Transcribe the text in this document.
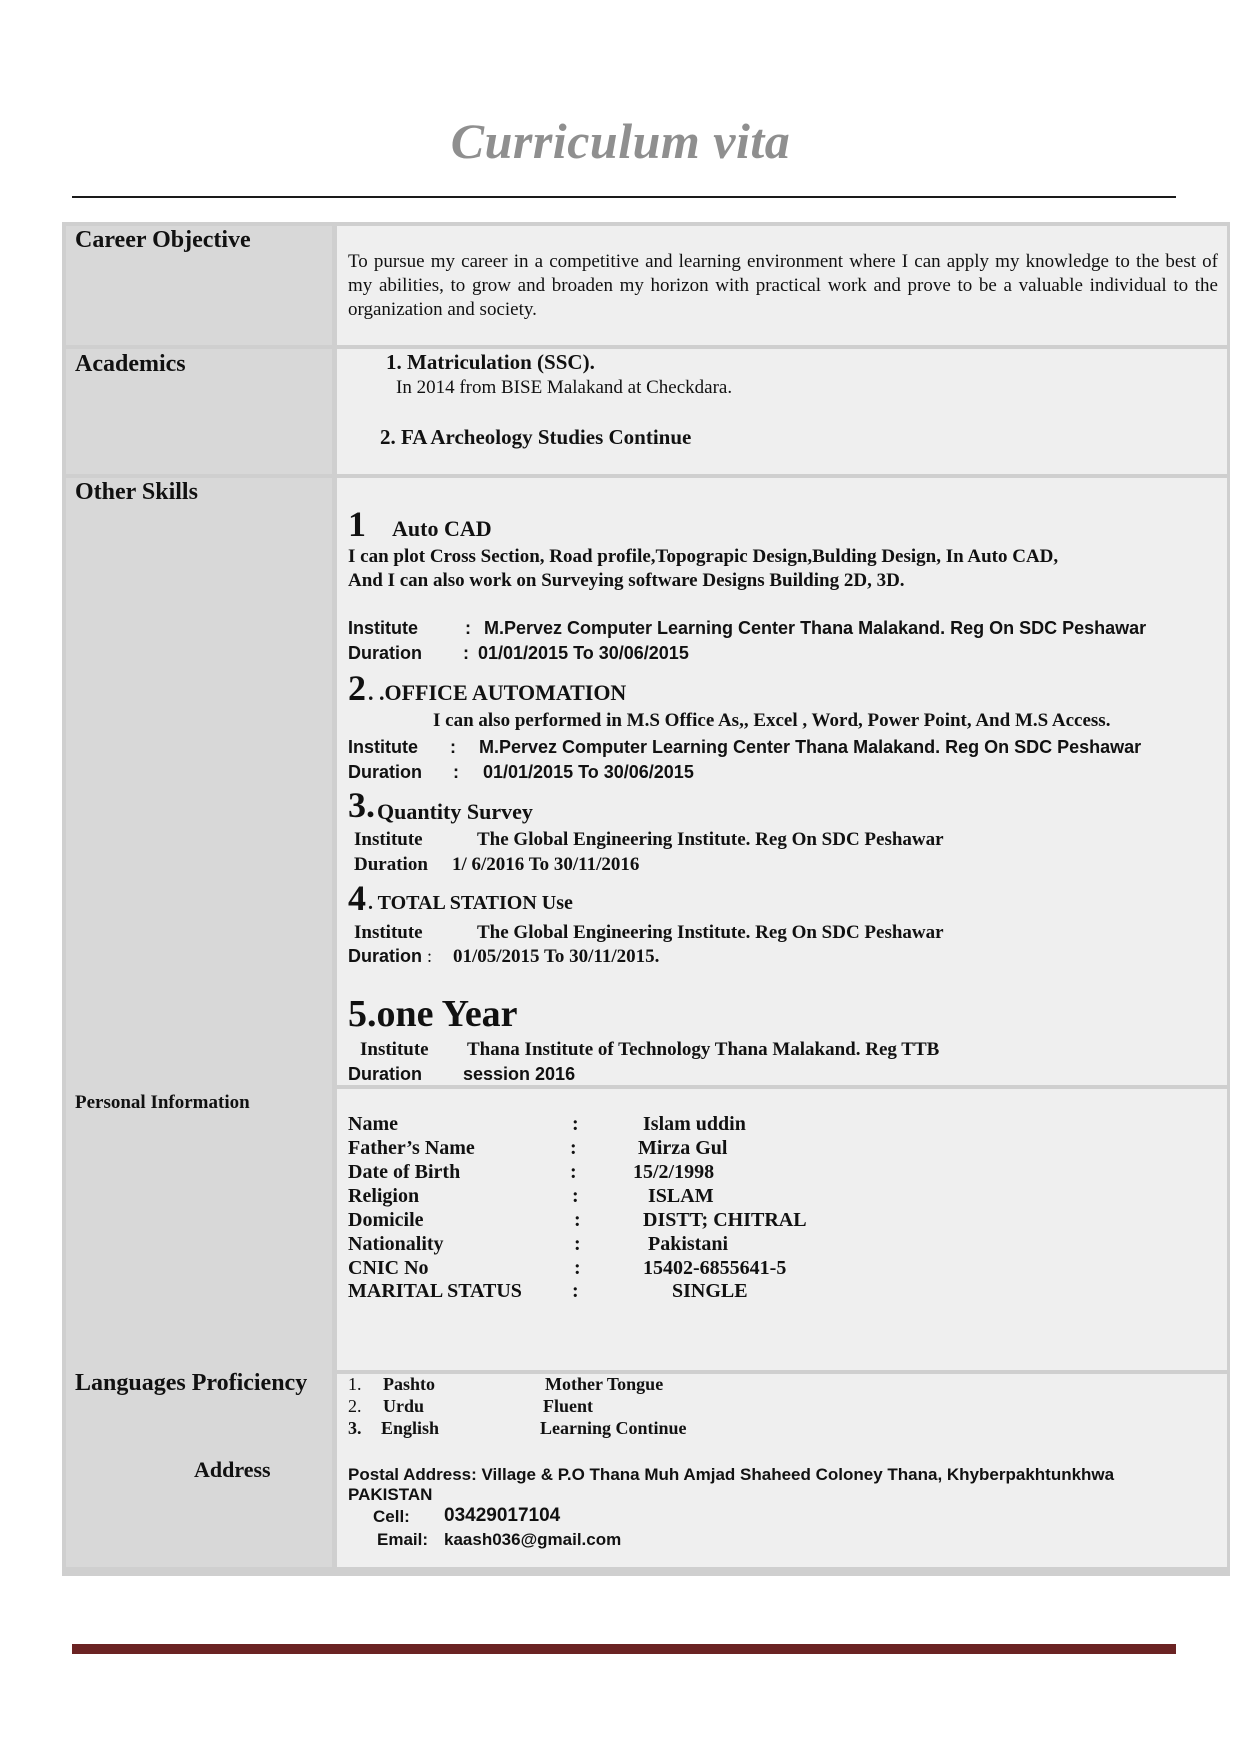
Curriculum vita
Career Objective
To pursue my career in a competitive and learning environment where I can apply my knowledge to the best of my abilities, to grow and broaden my horizon with practical work and prove to be a valuable individual to the organization and society.
Academics	1. Matriculation (SSC).
In 2014 from BISE Malakand at Checkdara.
2. FA Archeology Studies Continue
Other Skills
1 Auto CAD
I can plot Cross Section, Road profile,Topograpic Design,Bulding Design, In Auto CAD,
And I can also work on Surveying software Designs Building 2D, 3D.
Institute	: M.Pervez Computer Learning Center Thana Malakand. Reg On SDC Peshawar
Duration : 01/01/2015 To 30/06/2015
2 . .OFFICE AUTOMATION
I can also performed in M.S Office As,, Excel , Word, Power Point, And M.S Access.
Institute : M.Pervez Computer Learning Center Thana Malakand. Reg On SDC Peshawar
Duration : 01/01/2015 To 30/06/2015
3. Quantity Survey
Institute	The Global Engineering Institute. Reg On SDC Peshawar
Duration 1/ 6/2016 To 30/11/2016
4 . TOTAL STATION Use
Institute	The Global Engineering Institute. Reg On SDC Peshawar
Duration : 01/05/2015 To 30/11/2015.
5.one Year
Institute Thana Institute of Technology Thana Malakand. Reg TTB
Duration session 2016
Personal Information
Name	:	Islam uddin
Father’s Name	:	Mirza Gul
Date of Birth	:	15/2/1998
Religion	:	ISLAM
Domicile	:	DISTT; CHITRAL
Nationality	:	Pakistani
CNIC No	:	15402-6855641-5
MARITAL STATUS	:	SINGLE
Languages Proficiency 1. Pashto	Mother Tongue
2. Urdu	Fluent
3. English	Learning Continue
Address	Postal Address: Village & P.O Thana Muh Amjad Shaheed Coloney Thana, Khyberpakhtunkhwa
PAKISTAN
Cell: 03429017104
Email: kaash036@gmail.com
